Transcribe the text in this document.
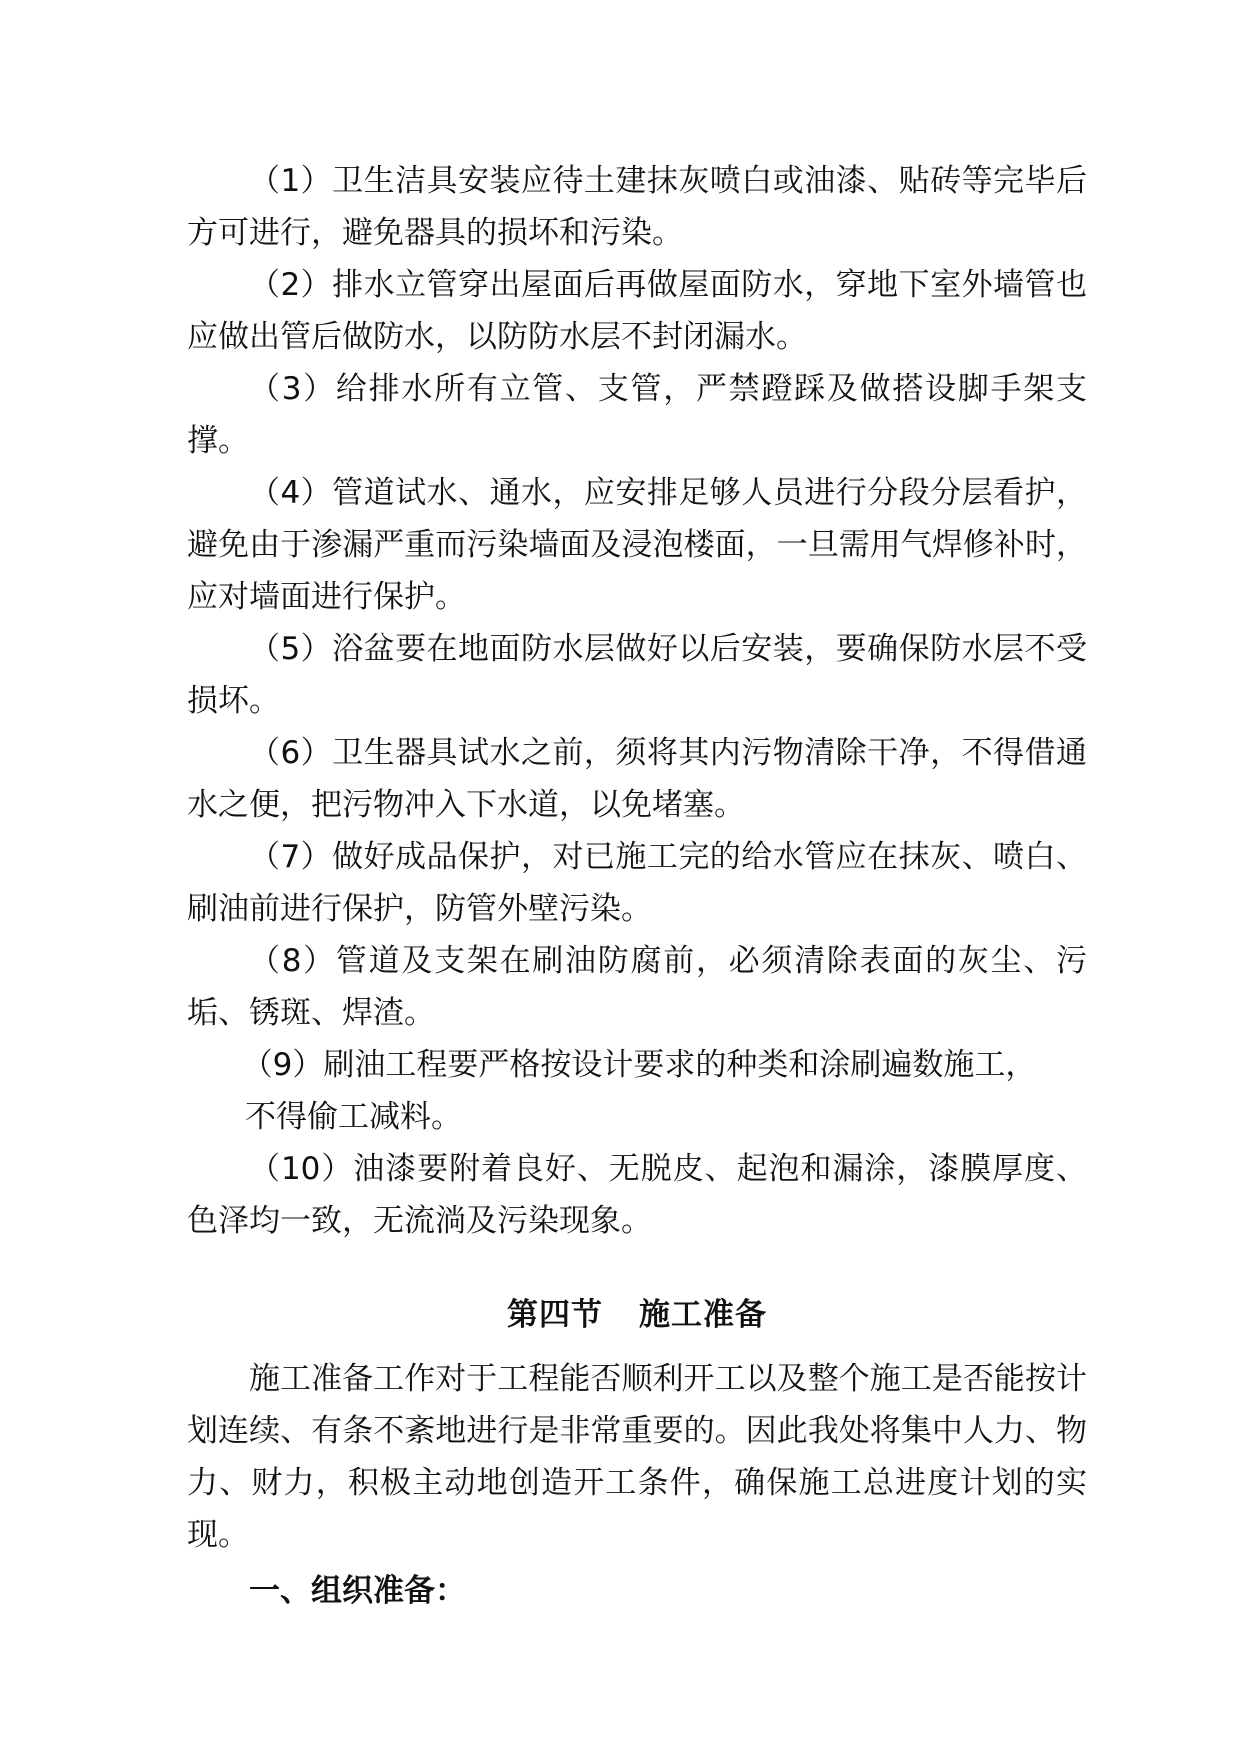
（1）卫生洁具安装应待土建抹灰喷白或油漆、贴砖等完毕后方可进行，避免器具的损坏和污染。

（2）排水立管穿出屋面后再做屋面防水，穿地下室外墙管也应做出管后做防水，以防防水层不封闭漏水。

（3）给排水所有立管、支管，严禁蹬踩及做搭设脚手架支撑。

（4）管道试水、通水，应安排足够人员进行分段分层看护，避免由于渗漏严重而污染墙面及浸泡楼面，一旦需用气焊修补时，应对墙面进行保护。

（5）浴盆要在地面防水层做好以后安装，要确保防水层不受损坏。

（6）卫生器具试水之前，须将其内污物清除干净，不得借通水之便，把污物冲入下水道，以免堵塞。

（7）做好成品保护，对已施工完的给水管应在抹灰、喷白、刷油前进行保护，防管外壁污染。

（8）管道及支架在刷油防腐前，必须清除表面的灰尘、污垢、锈斑、焊渣。

（9）刷油工程要严格按设计要求的种类和涂刷遍数施工，

不得偷工减料。

（10）油漆要附着良好、无脱皮、起泡和漏涂，漆膜厚度、色泽均一致，无流淌及污染现象。

第四节 施工准备

施工准备工作对于工程能否顺利开工以及整个施工是否能按计划连续、有条不紊地进行是非常重要的。因此我处将集中人力、物力、财力，积极主动地创造开工条件，确保施工总进度计划的实现。

一、组织准备：
